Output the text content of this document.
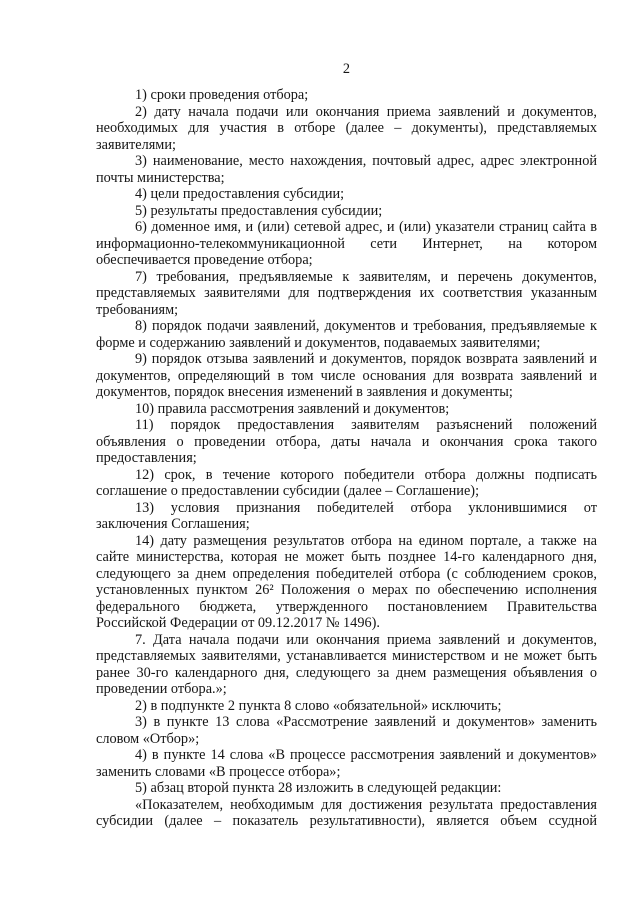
2
1) сроки проведения отбора;
2) дату начала подачи или окончания приема заявлений и документов,
необходимых для участия в отборе (далее – документы), представляемых
заявителями;
3) наименование, место нахождения, почтовый адрес, адрес электронной
почты министерства;
4) цели предоставления субсидии;
5) результаты предоставления субсидии;
6) доменное имя, и (или) сетевой адрес, и (или) указатели страниц сайта в
информационно-телекоммуникационной сети Интернет, на котором
обеспечивается проведение отбора;
7) требования, предъявляемые к заявителям, и перечень документов,
представляемых заявителями для подтверждения их соответствия указанным
требованиям;
8) порядок подачи заявлений, документов и требования, предъявляемые к
форме и содержанию заявлений и документов, подаваемых заявителями;
9) порядок отзыва заявлений и документов, порядок возврата заявлений и
документов, определяющий в том числе основания для возврата заявлений и
документов, порядок внесения изменений в заявления и документы;
10) правила рассмотрения заявлений и документов;
11) порядок предоставления заявителям разъяснений положений
объявления о проведении отбора, даты начала и окончания срока такого
предоставления;
12) срок, в течение которого победители отбора должны подписать
соглашение о предоставлении субсидии (далее – Соглашение);
13) условия признания победителей отбора уклонившимися от
заключения Соглашения;
14) дату размещения результатов отбора на едином портале, а также на
сайте министерства, которая не может быть позднее 14-го календарного дня,
следующего за днем определения победителей отбора (с соблюдением сроков,
установленных пунктом 26² Положения о мерах по обеспечению исполнения
федерального бюджета, утвержденного постановлением Правительства
Российской Федерации от 09.12.2017 № 1496).
7. Дата начала подачи или окончания приема заявлений и документов,
представляемых заявителями, устанавливается министерством и не может быть
ранее 30-го календарного дня, следующего за днем размещения объявления о
проведении отбора.»;
2) в подпункте 2 пункта 8 слово «обязательной» исключить;
3) в пункте 13 слова «Рассмотрение заявлений и документов» заменить
словом «Отбор»;
4) в пункте 14 слова «В процессе рассмотрения заявлений и документов»
заменить словами «В процессе отбора»;
5) абзац второй пункта 28 изложить в следующей редакции:
«Показателем, необходимым для достижения результата предоставления
субсидии (далее – показатель результативности), является объем ссудной
